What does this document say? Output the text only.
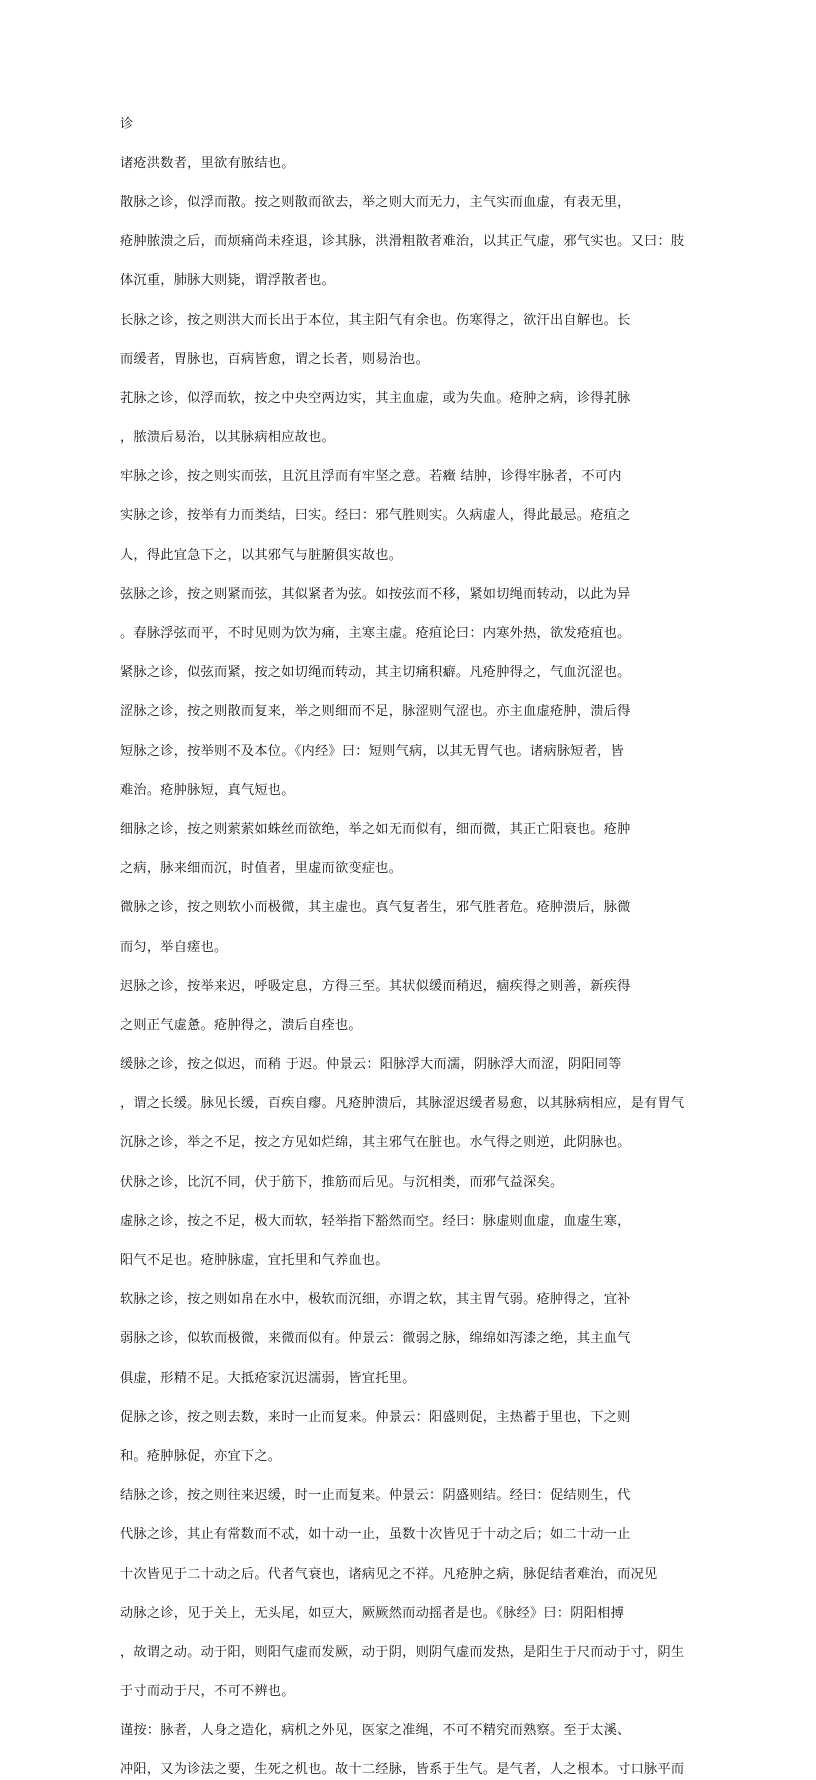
诊

诸疮洪数者，里欲有脓结也。

散脉之诊，似浮而散。按之则散而欲去，举之则大而无力，主气实而血虚，有表无里，

疮肿脓溃之后，而烦痛尚未痊退，诊其脉，洪滑粗散者难治，以其正气虚，邪气实也。又曰：肢

体沉重，肺脉大则毙，谓浮散者也。

长脉之诊，按之则洪大而长出于本位，其主阳气有余也。伤寒得之，欲汗出自解也。长

而缓者，胃脉也，百病皆愈，谓之长者，则易治也。

芤脉之诊，似浮而软，按之中央空两边实，其主血虚，或为失血。疮肿之病，诊得芤脉

，脓溃后易治，以其脉病相应故也。

牢脉之诊，按之则实而弦，且沉且浮而有牢坚之意。若癥 结肿，诊得牢脉者，不可内

实脉之诊，按举有力而类结，曰实。经曰：邪气胜则实。久病虚人，得此最忌。疮疽之

人，得此宜急下之，以其邪气与脏腑俱实故也。

弦脉之诊，按之则紧而弦，其似紧者为弦。如按弦而不移，紧如切绳而转动，以此为异

。春脉浮弦而平，不时见则为饮为痛，主寒主虚。疮疽论曰：内寒外热，欲发疮疽也。

紧脉之诊，似弦而紧，按之如切绳而转动，其主切痛积癖。凡疮肿得之，气血沉涩也。

涩脉之诊，按之则散而复来，举之则细而不足，脉涩则气涩也。亦主血虚疮肿，溃后得

短脉之诊，按举则不及本位。《内经》曰：短则气病，以其无胃气也。诸病脉短者，皆

难治。疮肿脉短，真气短也。

细脉之诊，按之则萦萦如蛛丝而欲绝，举之如无而似有，细而微，其正亡阳衰也。疮肿

之病，脉来细而沉，时值者，里虚而欲变症也。

微脉之诊，按之则软小而极微，其主虚也。真气复者生，邪气胜者危。疮肿溃后，脉微

而匀，举自瘥也。

迟脉之诊，按举来迟，呼吸定息，方得三至。其状似缓而稍迟，痼疾得之则善，新疾得

之则正气虚惫。疮肿得之，溃后自痊也。

缓脉之诊，按之似迟，而稍 于迟。仲景云：阳脉浮大而濡，阴脉浮大而涩，阴阳同等

，谓之长缓。脉见长缓，百疾自瘳。凡疮肿溃后，其脉涩迟缓者易愈，以其脉病相应，是有胃气

沉脉之诊，举之不足，按之方见如烂绵，其主邪气在脏也。水气得之则逆，此阴脉也。

伏脉之诊，比沉不同，伏于筋下，推筋而后见。与沉相类，而邪气益深矣。

虚脉之诊，按之不足，极大而软，轻举指下豁然而空。经曰：脉虚则血虚，血虚生寒，

阳气不足也。疮肿脉虚，宜托里和气养血也。

软脉之诊，按之则如帛在水中，极软而沉细，亦谓之软，其主胃气弱。疮肿得之，宜补

弱脉之诊，似软而极微，来微而似有。仲景云：微弱之脉，绵绵如泻漆之绝，其主血气

俱虚，形精不足。大抵疮家沉迟濡弱，皆宜托里。

促脉之诊，按之则去数，来时一止而复来。仲景云：阳盛则促，主热蓄于里也，下之则

和。疮肿脉促，亦宜下之。

结脉之诊，按之则往来迟缓，时一止而复来。仲景云：阴盛则结。经曰：促结则生，代

代脉之诊，其止有常数而不忒，如十动一止，虽数十次皆见于十动之后；如二十动一止

十次皆见于二十动之后。代者气衰也，诸病见之不祥。凡疮肿之病，脉促结者难治，而况见

动脉之诊，见于关上，无头尾，如豆大，厥厥然而动摇者是也。《脉经》曰：阴阳相搏

，故谓之动。动于阳，则阳气虚而发厥，动于阴，则阴气虚而发热，是阳生于尺而动于寸，阴生

于寸而动于尺，不可不辨也。

谨按：脉者，人身之造化，病机之外见，医家之准绳，不可不精究而熟察。至于太溪、

冲阳，又为诊法之要，生死之机也。故十二经脉，皆系于生气。是气者，人之根本。寸口脉平而
